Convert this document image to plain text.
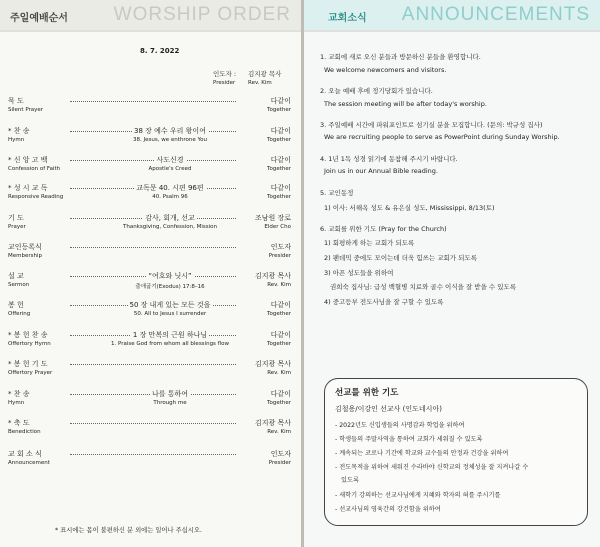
주일예배순서 WORSHIP ORDER
8. 7. 2022
인도자 : 김지광 목사
Presider Rev. Kim
묵 도	다같이
Silent Prayer	Together
* 찬 송	38 장 예수 우리 왕이여	다같이
Hymn	38. Jesus, we enthrone You	Together
* 신 앙 고 백	사도신경	다같이
Confession of Faith	Apostle's Creed	Together
* 성 시 교 독	교독문 40. 시편 96편	다같이
Responsive Reading	40. Psalm 96	Together
기 도	감사, 회개, 선교	조남원 장로
Prayer	Thanksgiving, Confession, Mission	Elder Cho
교인등록식	인도자
Membership	Presider
설 교	“여호와 닛시”	김지광 목사
Sermon	출애굽기(Exodus) 17:8–16	Rev. Kim
봉 헌	50 장 내게 있는 모든 것을	다같이
Offering	50. All to Jesus I surrender	Together
* 봉 헌 찬 송	1 장 만복의 근원 하나님	다같이
Offertory Hymn	1. Praise God from whom all blessings flow	Together
* 봉 헌 기 도	김지광 목사
Offertory Prayer	Rev. Kim
* 찬 송	나를 통하여	다같이
Hymn	Through me	Together
* 축 도	김지광 목사
Benediction	Rev. Kim
교 회 소 식	인도자
Announcement	Presider
* 표시에는 몸이 불편하신 분 외에는 일어나 주십시오.
교회소식 ANNOUNCEMENTS
1. 교회에 새로 오신 분들과 방문하신 분들을 환영합니다.
We welcome newcomers and visitors.
2. 오늘 예배 후에 정기당회가 있습니다.
The session meeting will be after today's worship.
3. 주일예배 시간에 파워포인트로 섬기실 분을 모집합니다. (문의: 박규성 집사)
We are recruiting people to serve as PowerPoint during Sunday Worship.
4. 1년 1독 성경 읽기에 동참해 주시기 바랍니다.
Join us in our Annual Bible reading.
5. 교인동정
1) 이사: 서해옥 성도 & 유은실 성도, Mississippi, 8/13(토)
6. 교회를 위한 기도 (Pray for the Church)
1) 회평하게 하는 교회가 되도록
2) 팬데믹 중에도 모이는데 더욱 힘쓰는 교회가 되도록
3) 아픈 성도들을 위하여
권희숙 집사님: 급성 백혈병 치료와 골수 이식을 잘 받을 수 있도록
4) 중고등부 전도사님을 잘 구할 수 있도록
선교를 위한 기도
김철용/이강인 선교사 (인도네시아)
- 2022년도 신입생들의 사명감과 학업을 위하여
- 학생들의 주말사역을 통하여 교회가 세워질 수 있도록
- 계속되는 코로나 기간에 학교와 교수들의 안정과 건강을 위하여
- 전도목적을 위하여 세워진 수라바야 신학교의 정체성을 잘 지켜나갈 수
있도록
- 새학기 강의하는 선교사님에게 지혜와 학자의 혀를 주시기를
- 선교사님의 영육간의 강건함을 위하여
